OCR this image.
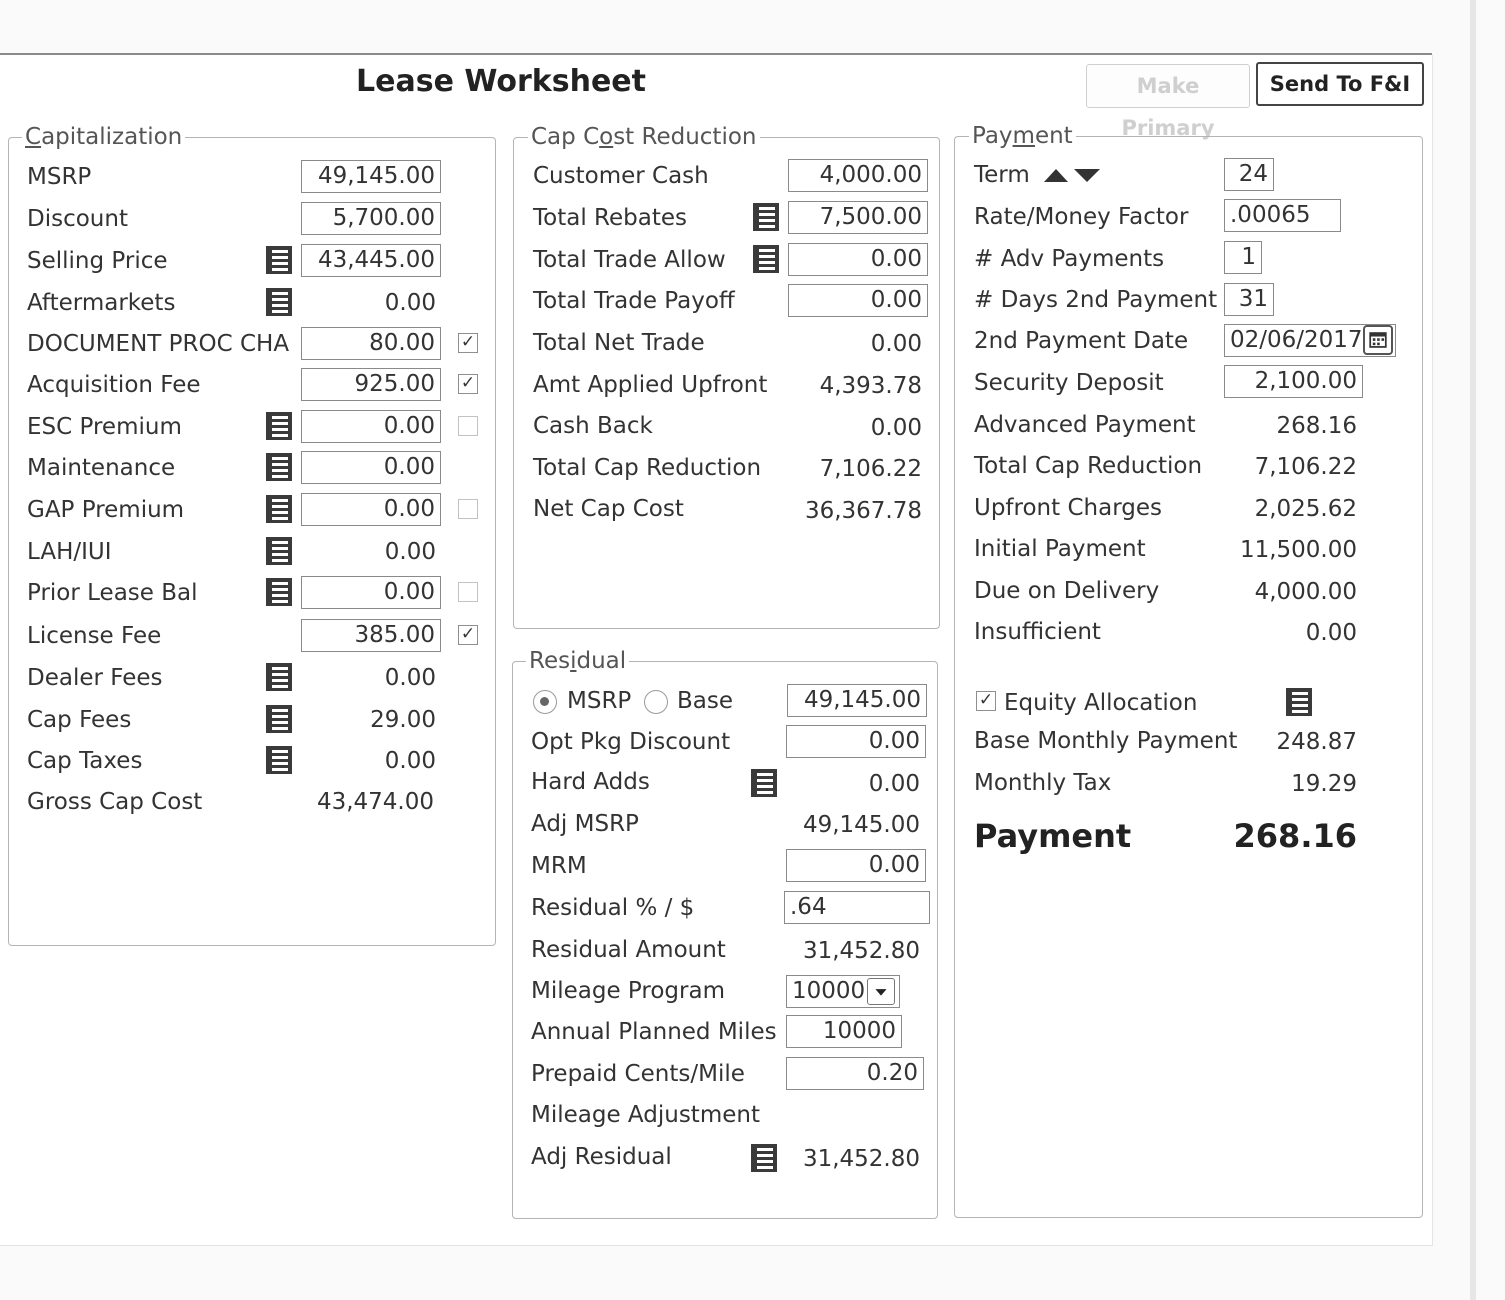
Lease Worksheet	Make Primary
Send To F&I
Capitalization
MSRP	49,145.00
Discount	5,700.00
Selling Price	43,445.00
Aftermarkets	0.00
DOCUMENT PROC CHA	80.00	✓
Acquisition Fee	925.00	✓
ESC Premium	0.00
Maintenance	0.00
GAP Premium	0.00
LAH/IUI	0.00
Prior Lease Bal	0.00
License Fee	385.00	✓
Dealer Fees	0.00
Cap Fees	29.00
Cap Taxes	0.00
Gross Cap Cost	43,474.00
Cap Cost Reduction
Customer Cash	4,000.00
Total Rebates	7,500.00
Total Trade Allow	0.00
Total Trade Payoff	0.00
Total Net Trade	0.00
Amt Applied Upfront	4,393.78
Cash Back	0.00
Total Cap Reduction	7,106.22
Net Cap Cost	36,367.78
Residual
MSRP Base	49,145.00
Opt Pkg Discount	0.00
Hard Adds	0.00
Adj MSRP	49,145.00
MRM	0.00
Residual % / $	.64
Residual Amount	31,452.80
Mileage Program	10000
Annual Planned Miles	10000
Prepaid Cents/Mile	0.20
Mileage Adjustment
Adj Residual	31,452.80
Payment
Term	24
Rate/Money Factor .00065
# Adv Payments	1
# Days 2nd Payment 31
2nd Payment Date 02/06/2017
Security Deposit	2,100.00
Advanced Payment	268.16
Total Cap Reduction	7,106.22
Upfront Charges	2,025.62
Initial Payment	11,500.00
Due on Delivery	4,000.00
Insufficient	0.00
✓ Equity Allocation
Base Monthly Payment	248.87
Monthly Tax	19.29
Payment	268.16
